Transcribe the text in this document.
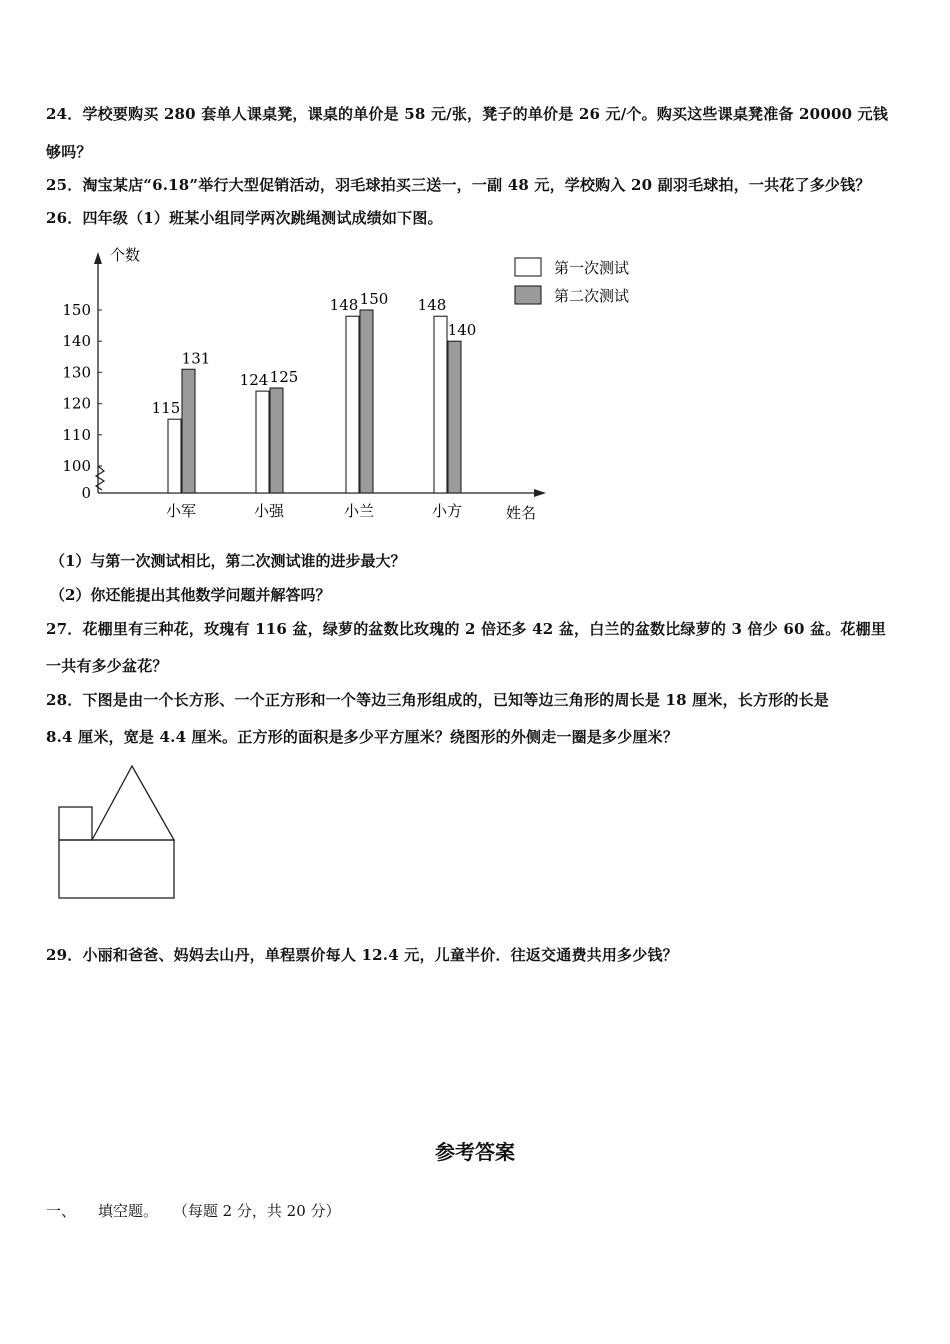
24．学校要购买 280 套单人课桌凳，课桌的单价是 58 元/张，凳子的单价是 26 元/个。购买这些课桌凳准备 20000 元钱
够吗？
25．淘宝某店“6.18”举行大型促销活动，羽毛球拍买三送一，一副 48 元，学校购入 20 副羽毛球拍，一共花了多少钱？
26．四年级（1）班某小组同学两次跳绳测试成绩如下图。
个数
姓名
0
100
110
120
130
140
150
115
131
小军
124 125
小强
148 150
小兰
148
140
小方
第一次测试
第二次测试
（1）与第一次测试相比，第二次测试谁的进步最大？
（2）你还能提出其他数学问题并解答吗？
27．花棚里有三种花，玫瑰有 116 盆，绿萝的盆数比玫瑰的 2 倍还多 42 盆，白兰的盆数比绿萝的 3 倍少 60 盆。花棚里
一共有多少盆花？
28．下图是由一个长方形、一个正方形和一个等边三角形组成的，已知等边三角形的周长是 18 厘米，长方形的长是
8.4 厘米，宽是 4.4 厘米。正方形的面积是多少平方厘米？绕图形的外侧走一圈是多少厘米？
29．小丽和爸爸、妈妈去山丹，单程票价每人 12.4 元，儿童半价．往返交通费共用多少钱？
参考答案
一、 填空题。 （每题 2 分，共 20 分）
